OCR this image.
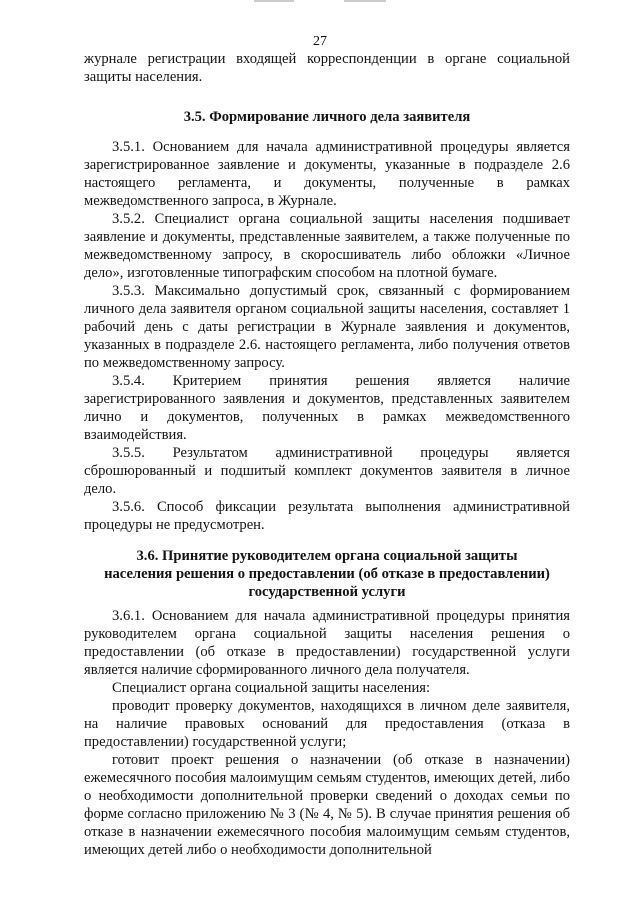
27

журнале регистрации входящей корреспонденции в органе социальной защиты населения.

3.5. Формирование личного дела заявителя

3.5.1. Основанием для начала административной процедуры является зарегистрированное заявление и документы, указанные в подразделе 2.6 настоящего регламента, и документы, полученные в рамках межведомственного запроса, в Журнале.

3.5.2. Специалист органа социальной защиты населения подшивает заявление и документы, представленные заявителем, а также полученные по межведомственному запросу, в скоросшиватель либо обложки «Личное дело», изготовленные типографским способом на плотной бумаге.

3.5.3. Максимально допустимый срок, связанный с формированием личного дела заявителя органом социальной защиты населения, составляет 1 рабочий день с даты регистрации в Журнале заявления и документов, указанных в подразделе 2.6. настоящего регламента, либо получения ответов по межведомственному запросу.

3.5.4. Критерием принятия решения является наличие зарегистрированного заявления и документов, представленных заявителем лично и документов, полученных в рамках межведомственного взаимодействия.

3.5.5. Результатом административной процедуры является сброшюрованный и подшитый комплект документов заявителя в личное дело.

3.5.6. Способ фиксации результата выполнения административной процедуры не предусмотрен.

3.6. Принятие руководителем органа социальной защиты
населения решения о предоставлении (об отказе в предоставлении)
государственной услуги

3.6.1. Основанием для начала административной процедуры принятия руководителем органа социальной защиты населения решения о предоставлении (об отказе в предоставлении) государственной услуги является наличие сформированного личного дела получателя.

Специалист органа социальной защиты населения:

проводит проверку документов, находящихся в личном деле заявителя, на наличие правовых оснований для предоставления (отказа в предоставлении) государственной услуги;

готовит проект решения о назначении (об отказе в назначении) ежемесячного пособия малоимущим семьям студентов, имеющих детей, либо о необходимости дополнительной проверки сведений о доходах семьи по форме согласно приложению № 3 (№ 4, № 5). В случае принятия решения об отказе в назначении ежемесячного пособия малоимущим семьям студентов, имеющих детей либо о необходимости дополнительной
